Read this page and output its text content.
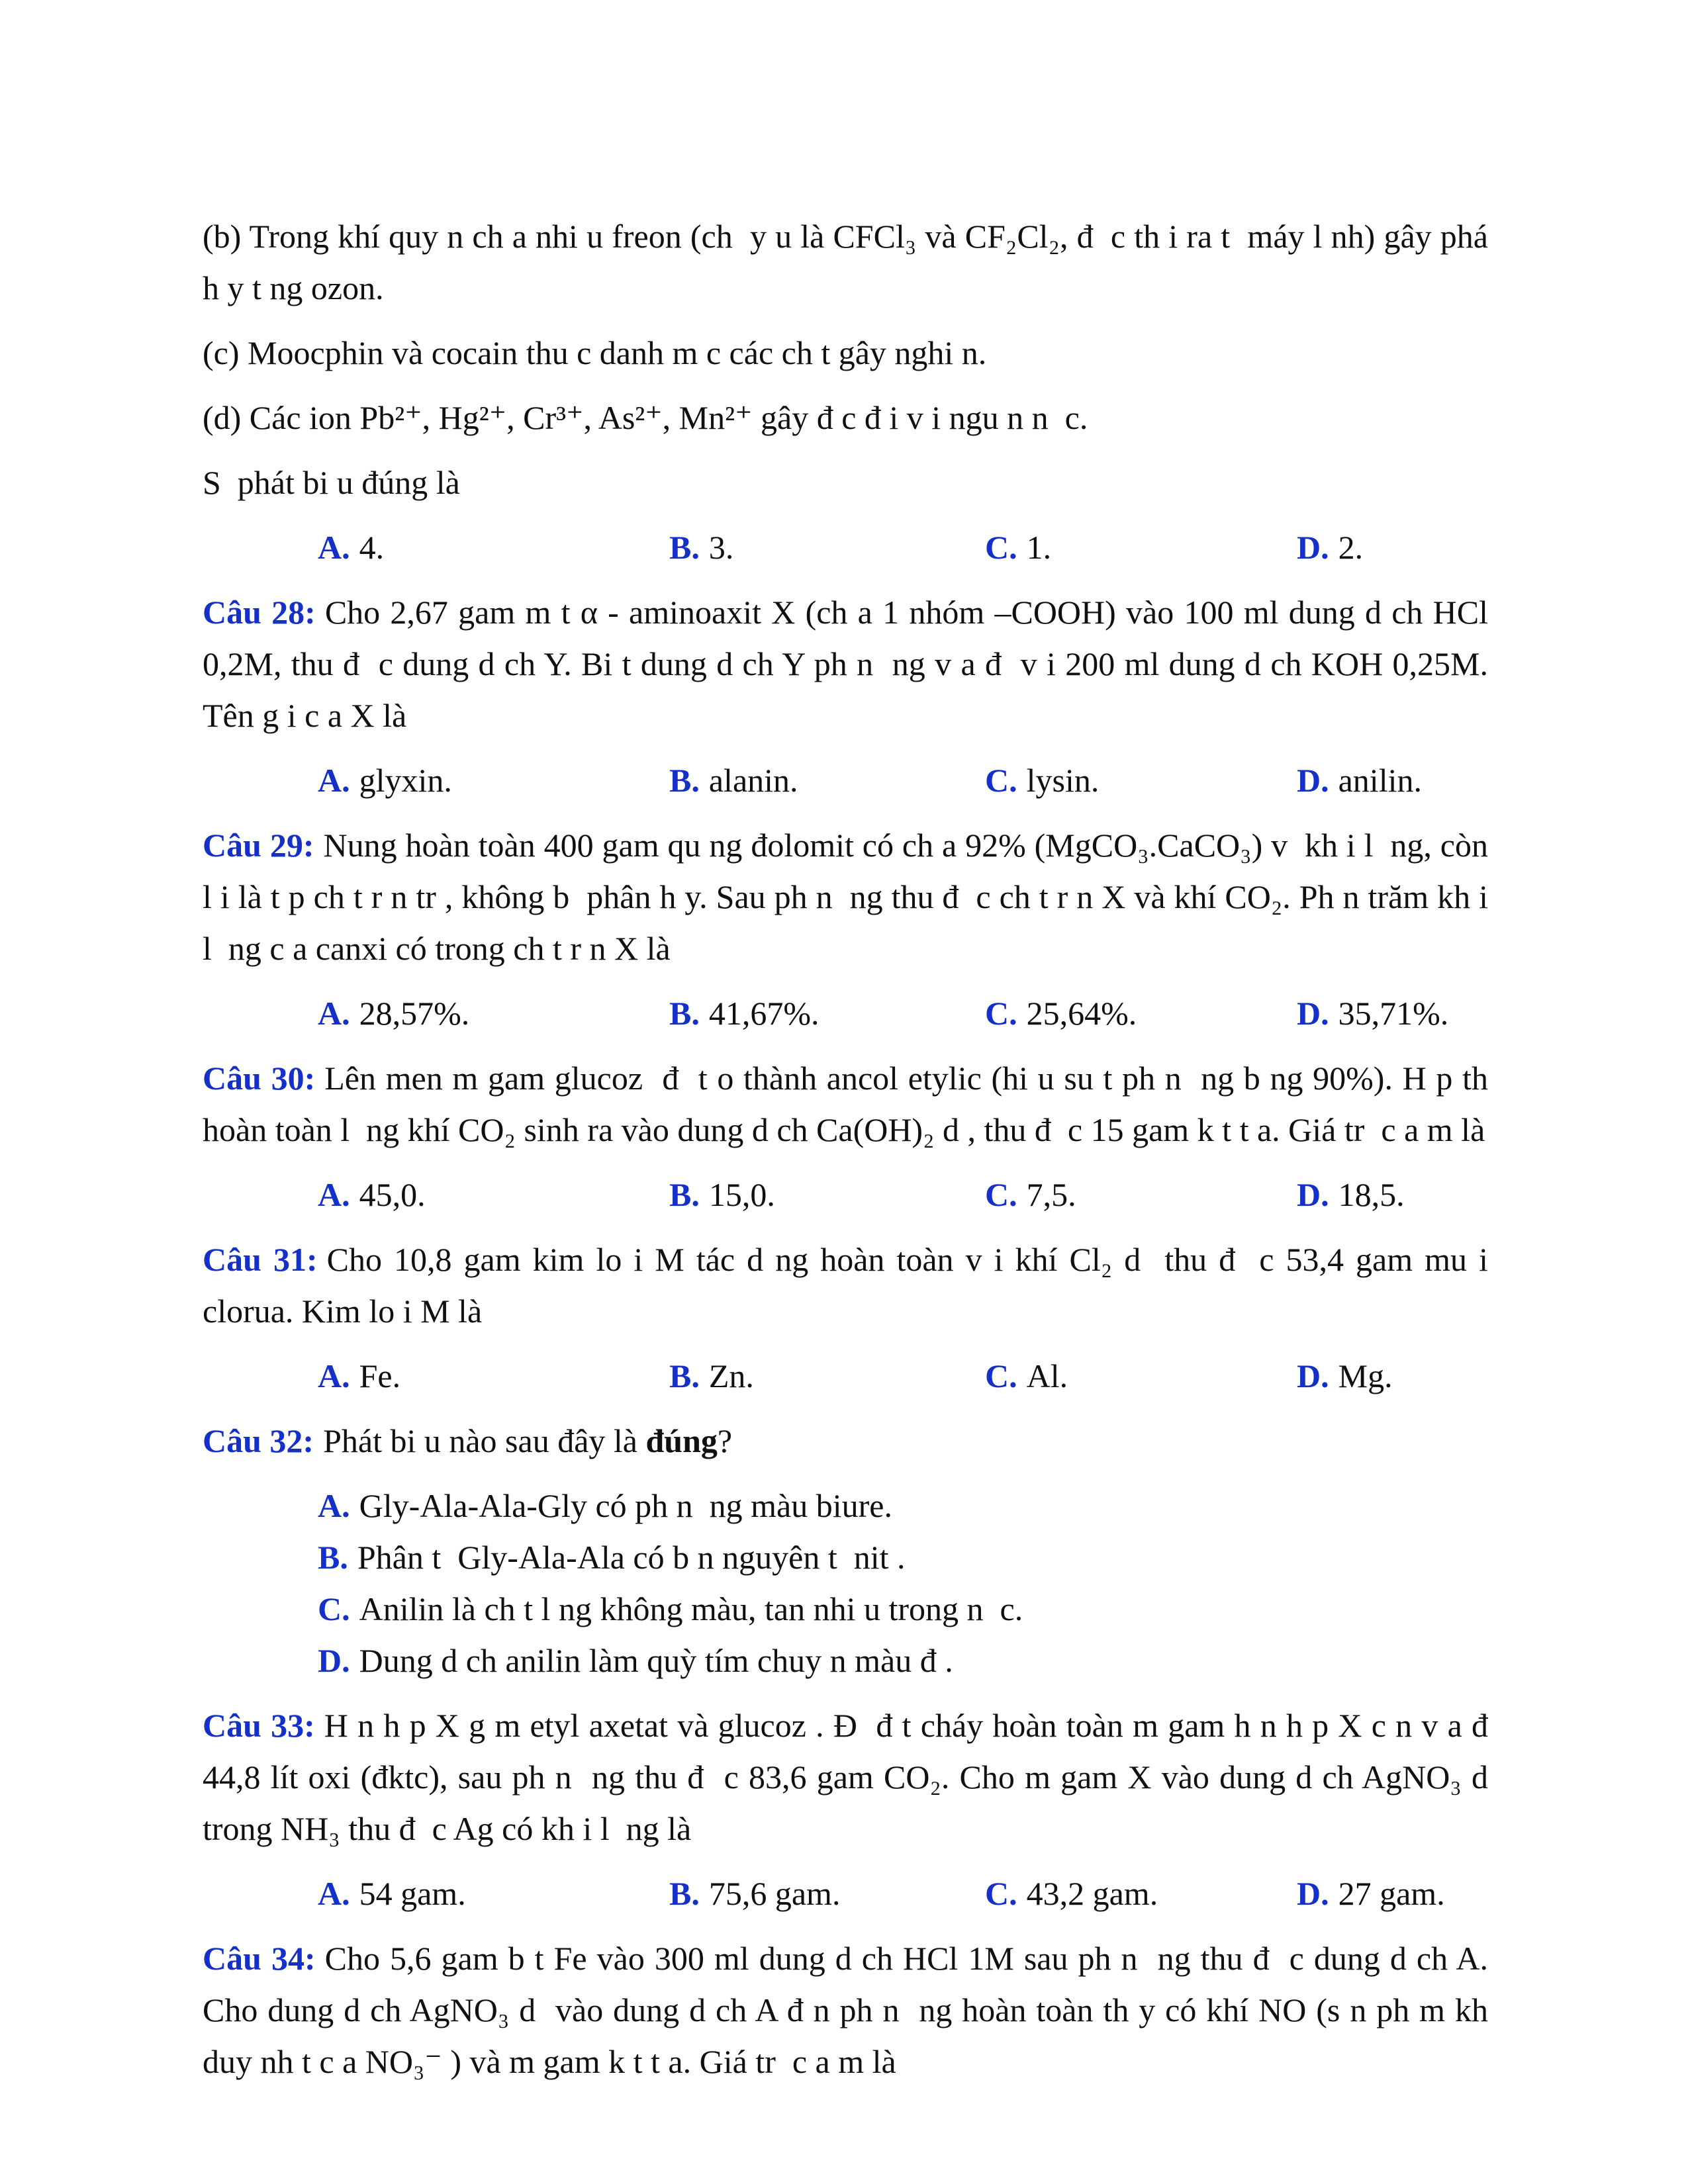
(b) Trong khí quy n ch a nhi u freon (ch  y u là CFCl₃ và CF₂Cl₂, đ  c th i ra t  máy l nh) gây phá h y t ng ozon.

(c) Moocphin và cocain thu c danh m c các ch t gây nghi n.

(d) Các ion Pb²⁺, Hg²⁺, Cr³⁺, As²⁺, Mn²⁺ gây đ c đ i v i ngu n n  c.

S  phát bi u đúng là

A. 4.	B. 3.	C. 1.	D. 2.

Câu 28: Cho 2,67 gam m t α - aminoaxit X (ch a 1 nhóm –COOH) vào 100 ml dung d ch HCl 0,2M, thu đ  c dung d ch Y. Bi t dung d ch Y ph n  ng v a đ  v i 200 ml dung d ch KOH 0,25M. Tên g i c a X là

A. glyxin.	B. alanin.	C. lysin.	D. anilin.

Câu 29: Nung hoàn toàn 400 gam qu ng đolomit có ch a 92% (MgCO₃.CaCO₃) v  kh i l  ng, còn l i là t p ch t r n tr , không b  phân h y. Sau ph n  ng thu đ  c ch t r n X và khí CO₂. Ph n trăm kh i l  ng c a canxi có trong ch t r n X là

A. 28,57%.	B. 41,67%.	C. 25,64%.	D. 35,71%.

Câu 30: Lên men m gam glucoz  đ  t o thành ancol etylic (hi u su t ph n  ng b ng 90%). H p th  hoàn toàn l  ng khí CO₂ sinh ra vào dung d ch Ca(OH)₂ d , thu đ  c 15 gam k t t a. Giá tr  c a m là

A. 45,0.	B. 15,0.	C. 7,5.	D. 18,5.

Câu 31: Cho 10,8 gam kim lo i M tác d ng hoàn toàn v i khí Cl₂ d  thu đ  c 53,4 gam mu i clorua. Kim lo i M là

A. Fe.	B. Zn.	C. Al.	D. Mg.

Câu 32: Phát bi u nào sau đây là đúng?

A. Gly-Ala-Ala-Gly có ph n  ng màu biure.

B. Phân t  Gly-Ala-Ala có b n nguyên t  nit .

C. Anilin là ch t l ng không màu, tan nhi u trong n  c.

D. Dung d ch anilin làm quỳ tím chuy n màu đ .

Câu 33: H n h p X g m etyl axetat và glucoz . Đ  đ t cháy hoàn toàn m gam h n h p X c n v a đ  44,8 lít oxi (đktc), sau ph n  ng thu đ  c 83,6 gam CO₂. Cho m gam X vào dung d ch AgNO₃ d  trong NH₃ thu đ  c Ag có kh i l  ng là

A. 54 gam.	B. 75,6 gam.	C. 43,2 gam.	D. 27 gam.

Câu 34: Cho 5,6 gam b t Fe vào 300 ml dung d ch HCl 1M sau ph n  ng thu đ  c dung d ch A. Cho dung d ch AgNO₃ d  vào dung d ch A đ n ph n  ng hoàn toàn th y có khí NO (s n ph m kh  duy nh t c a NO₃⁻ ) và m gam k t t a. Giá tr  c a m là
